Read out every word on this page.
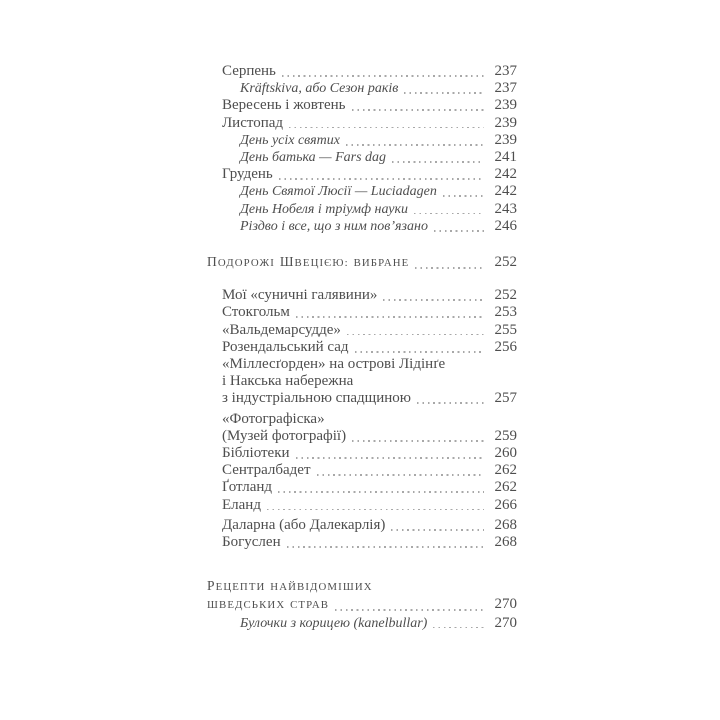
Серпень	237
Kräftskiva, або Сезон раків	237
Вересень і жовтень	239
Листопад	239
День усіх святих	239
День батька — Fars dag	241
Грудень	242
День Святої Люсії — Luciadagen	242
День Нобеля і тріумф науки	243
Різдво і все, що з ним пов’язано	246
ПОДОРОЖІ ШВЕЦІЄЮ: ВИБРАНЕ	252
Мої «суничні галявини»	252
Стокгольм	253
«Вальдемарсудде»	255
Розендальський сад	256
«Міллесґорден» на острові Лідінґе
і Накська набережна
з індустріальною спадщиною	257
«Фотографіска»
(Музей фотографії)	259
Бібліотеки	260
Сентралбадет	262
Ґотланд	262
Еланд	266
Даларна (або Далекарлія)	268
Богуслен	268
РЕЦЕПТИ НАЙВІДОМІШИХ
ШВЕДСЬКИХ СТРАВ	270
Булочки з корицею (kanelbullar)	270
